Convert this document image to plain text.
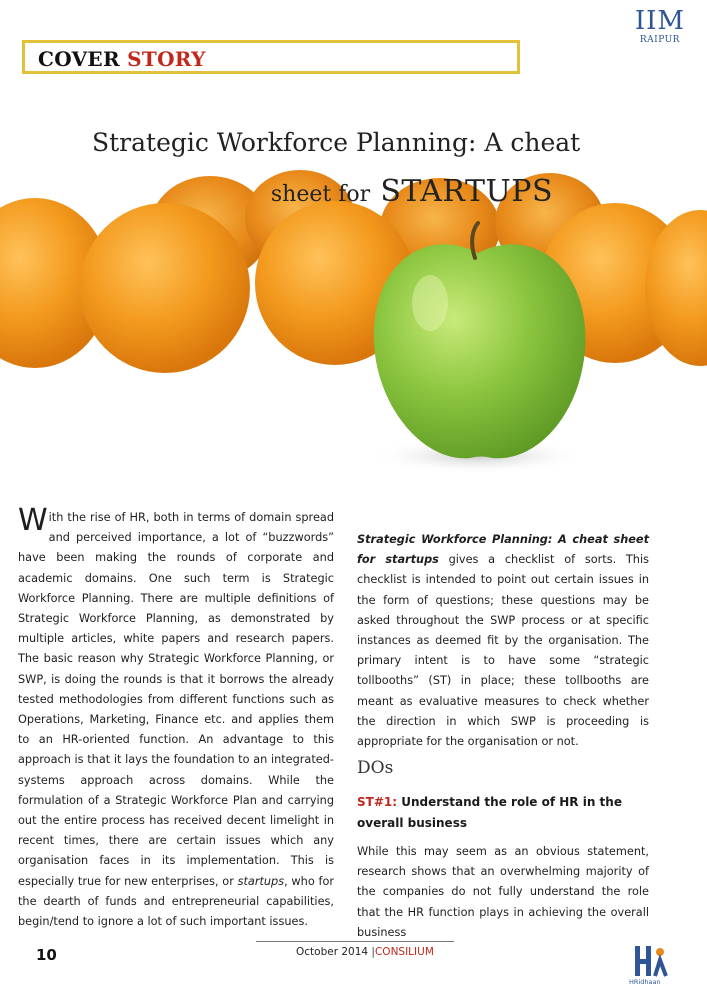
IIM
RAIPUR
COVER STORY
Strategic Workforce Planning: A cheat
sheet for STARTUPS

With the rise of HR, both in terms of domain spread and perceived importance, a lot of “buzzwords” have been making the rounds of corporate and academic domains. One such term is Strategic Workforce Planning. There are multiple definitions of Strategic Workforce Planning, as demonstrated by multiple articles, white papers and research papers. The basic reason why Strategic Workforce Planning, or SWP, is doing the rounds is that it borrows the already tested methodologies from different functions such as Operations, Marketing, Finance etc. and applies them to an HR-oriented function. An advantage to this approach is that it lays the foundation to an integrated-systems approach across domains. While the formulation of a Strategic Workforce Plan and carrying out the entire process has received decent limelight in recent times, there are certain issues which any organisation faces in its implementation. This is especially true for new enterprises, or startups, who for the dearth of funds and entrepreneurial capabilities, begin/tend to ignore a lot of such important issues.

Strategic Workforce Planning: A cheat sheet for startups gives a checklist of sorts. This checklist is intended to point out certain issues in the form of questions; these questions may be asked throughout the SWP process or at specific instances as deemed fit by the organisation. The primary intent is to have some “strategic tollbooths” (ST) in place; these tollbooths are meant as evaluative measures to check whether the direction in which SWP is proceeding is appropriate for the organisation or not.

DOs
ST#1: Understand the role of HR in the overall business

While this may seem as an obvious statement, research shows that an overwhelming majority of the companies do not fully understand the role that the HR function plays in achieving the overall business

10	October 2014 |CONSILIUM
HRidhaan
